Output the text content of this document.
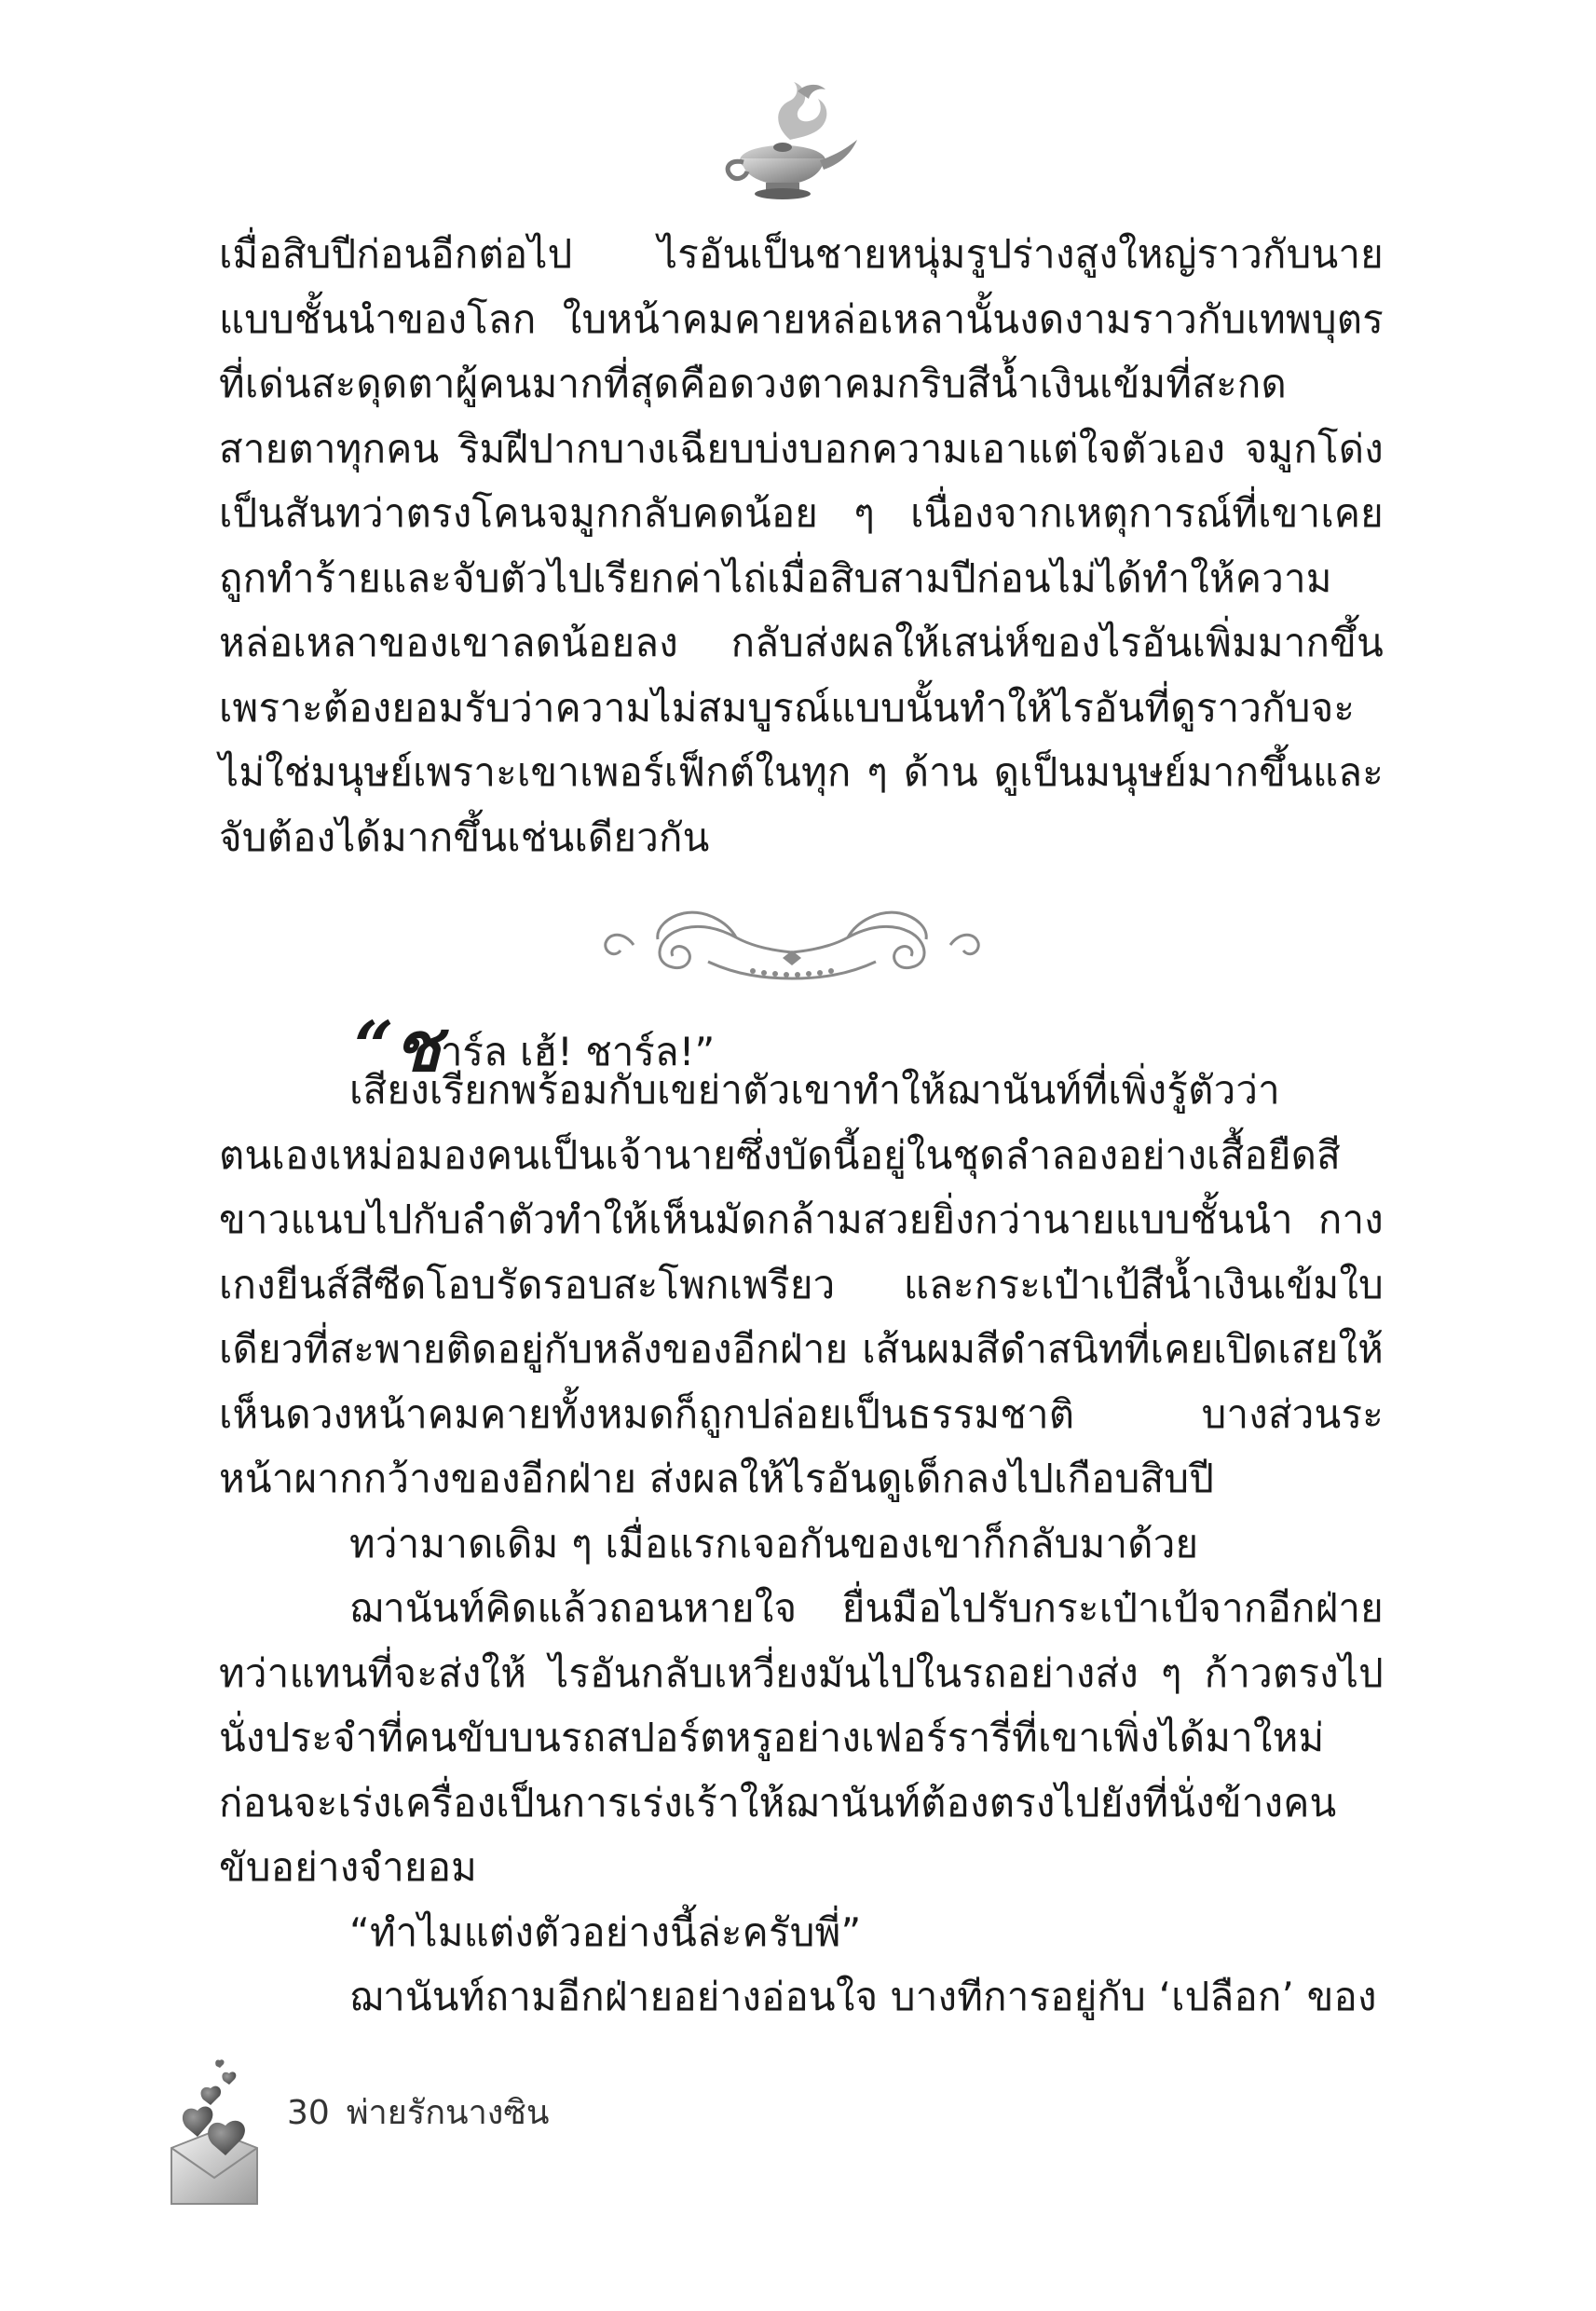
เมื่อสิบปีก่อนอีกต่อไป ไรอันเป็นชายหนุ่มรูปร่างสูงใหญ่ราวกับนายแบบชั้นนำของโลก ใบหน้าคมคายหล่อเหลานั้นงดงามราวกับเทพบุตร ที่เด่นสะดุดตาผู้คนมากที่สุดคือดวงตาคมกริบสีน้ำเงินเข้มที่สะกดสายตาทุกคน ริมฝีปากบางเฉียบบ่งบอกความเอาแต่ใจตัวเอง จมูกโด่งเป็นสันทว่าตรงโคนจมูกกลับคดน้อย ๆ เนื่องจากเหตุการณ์ที่เขาเคยถูกทำร้ายและจับตัวไปเรียกค่าไถ่เมื่อสิบสามปีก่อนไม่ได้ทำให้ความหล่อเหลาของเขาลดน้อยลง กลับส่งผลให้เสน่ห์ของไรอันเพิ่มมากขึ้น เพราะต้องยอมรับว่าความไม่สมบูรณ์แบบนั้นทำให้ไรอันที่ดูราวกับจะไม่ใช่มนุษย์เพราะเขาเพอร์เฟ็กต์ในทุก ๆ ด้าน ดูเป็นมนุษย์มากขึ้นและจับต้องได้มากขึ้นเช่นเดียวกัน

“ชาร์ล เฮ้! ชาร์ล!”

เสียงเรียกพร้อมกับเขย่าตัวเขาทำให้ฌานันท์ที่เพิ่งรู้ตัวว่าตนเองเหม่อมองคนเป็นเจ้านายซึ่งบัดนี้อยู่ในชุดลำลองอย่างเสื้อยืดสีขาวแนบไปกับลำตัวทำให้เห็นมัดกล้ามสวยยิ่งกว่านายแบบชั้นนำ กางเกงยีนส์สีซีดโอบรัดรอบสะโพกเพรียว และกระเป๋าเป้สีน้ำเงินเข้มใบเดียวที่สะพายติดอยู่กับหลังของอีกฝ่าย เส้นผมสีดำสนิทที่เคยเปิดเสยให้เห็นดวงหน้าคมคายทั้งหมดก็ถูกปล่อยเป็นธรรมชาติ บางส่วนระหน้าผากกว้างของอีกฝ่าย ส่งผลให้ไรอันดูเด็กลงไปเกือบสิบปี

ทว่ามาดเดิม ๆ เมื่อแรกเจอกันของเขาก็กลับมาด้วย

ฌานันท์คิดแล้วถอนหายใจ ยื่นมือไปรับกระเป๋าเป้จากอีกฝ่าย ทว่าแทนที่จะส่งให้ ไรอันกลับเหวี่ยงมันไปในรถอย่างส่ง ๆ ก้าวตรงไปนั่งประจำที่คนขับบนรถสปอร์ตหรูอย่างเฟอร์รารี่ที่เขาเพิ่งได้มาใหม่ ก่อนจะเร่งเครื่องเป็นการเร่งเร้าให้ฌานันท์ต้องตรงไปยังที่นั่งข้างคนขับอย่างจำยอม

“ทำไมแต่งตัวอย่างนี้ล่ะครับพี่”

ฌานันท์ถามอีกฝ่ายอย่างอ่อนใจ บางทีการอยู่กับ ‘เปลือก’ ของ

30 พ่ายรักนางซิน
